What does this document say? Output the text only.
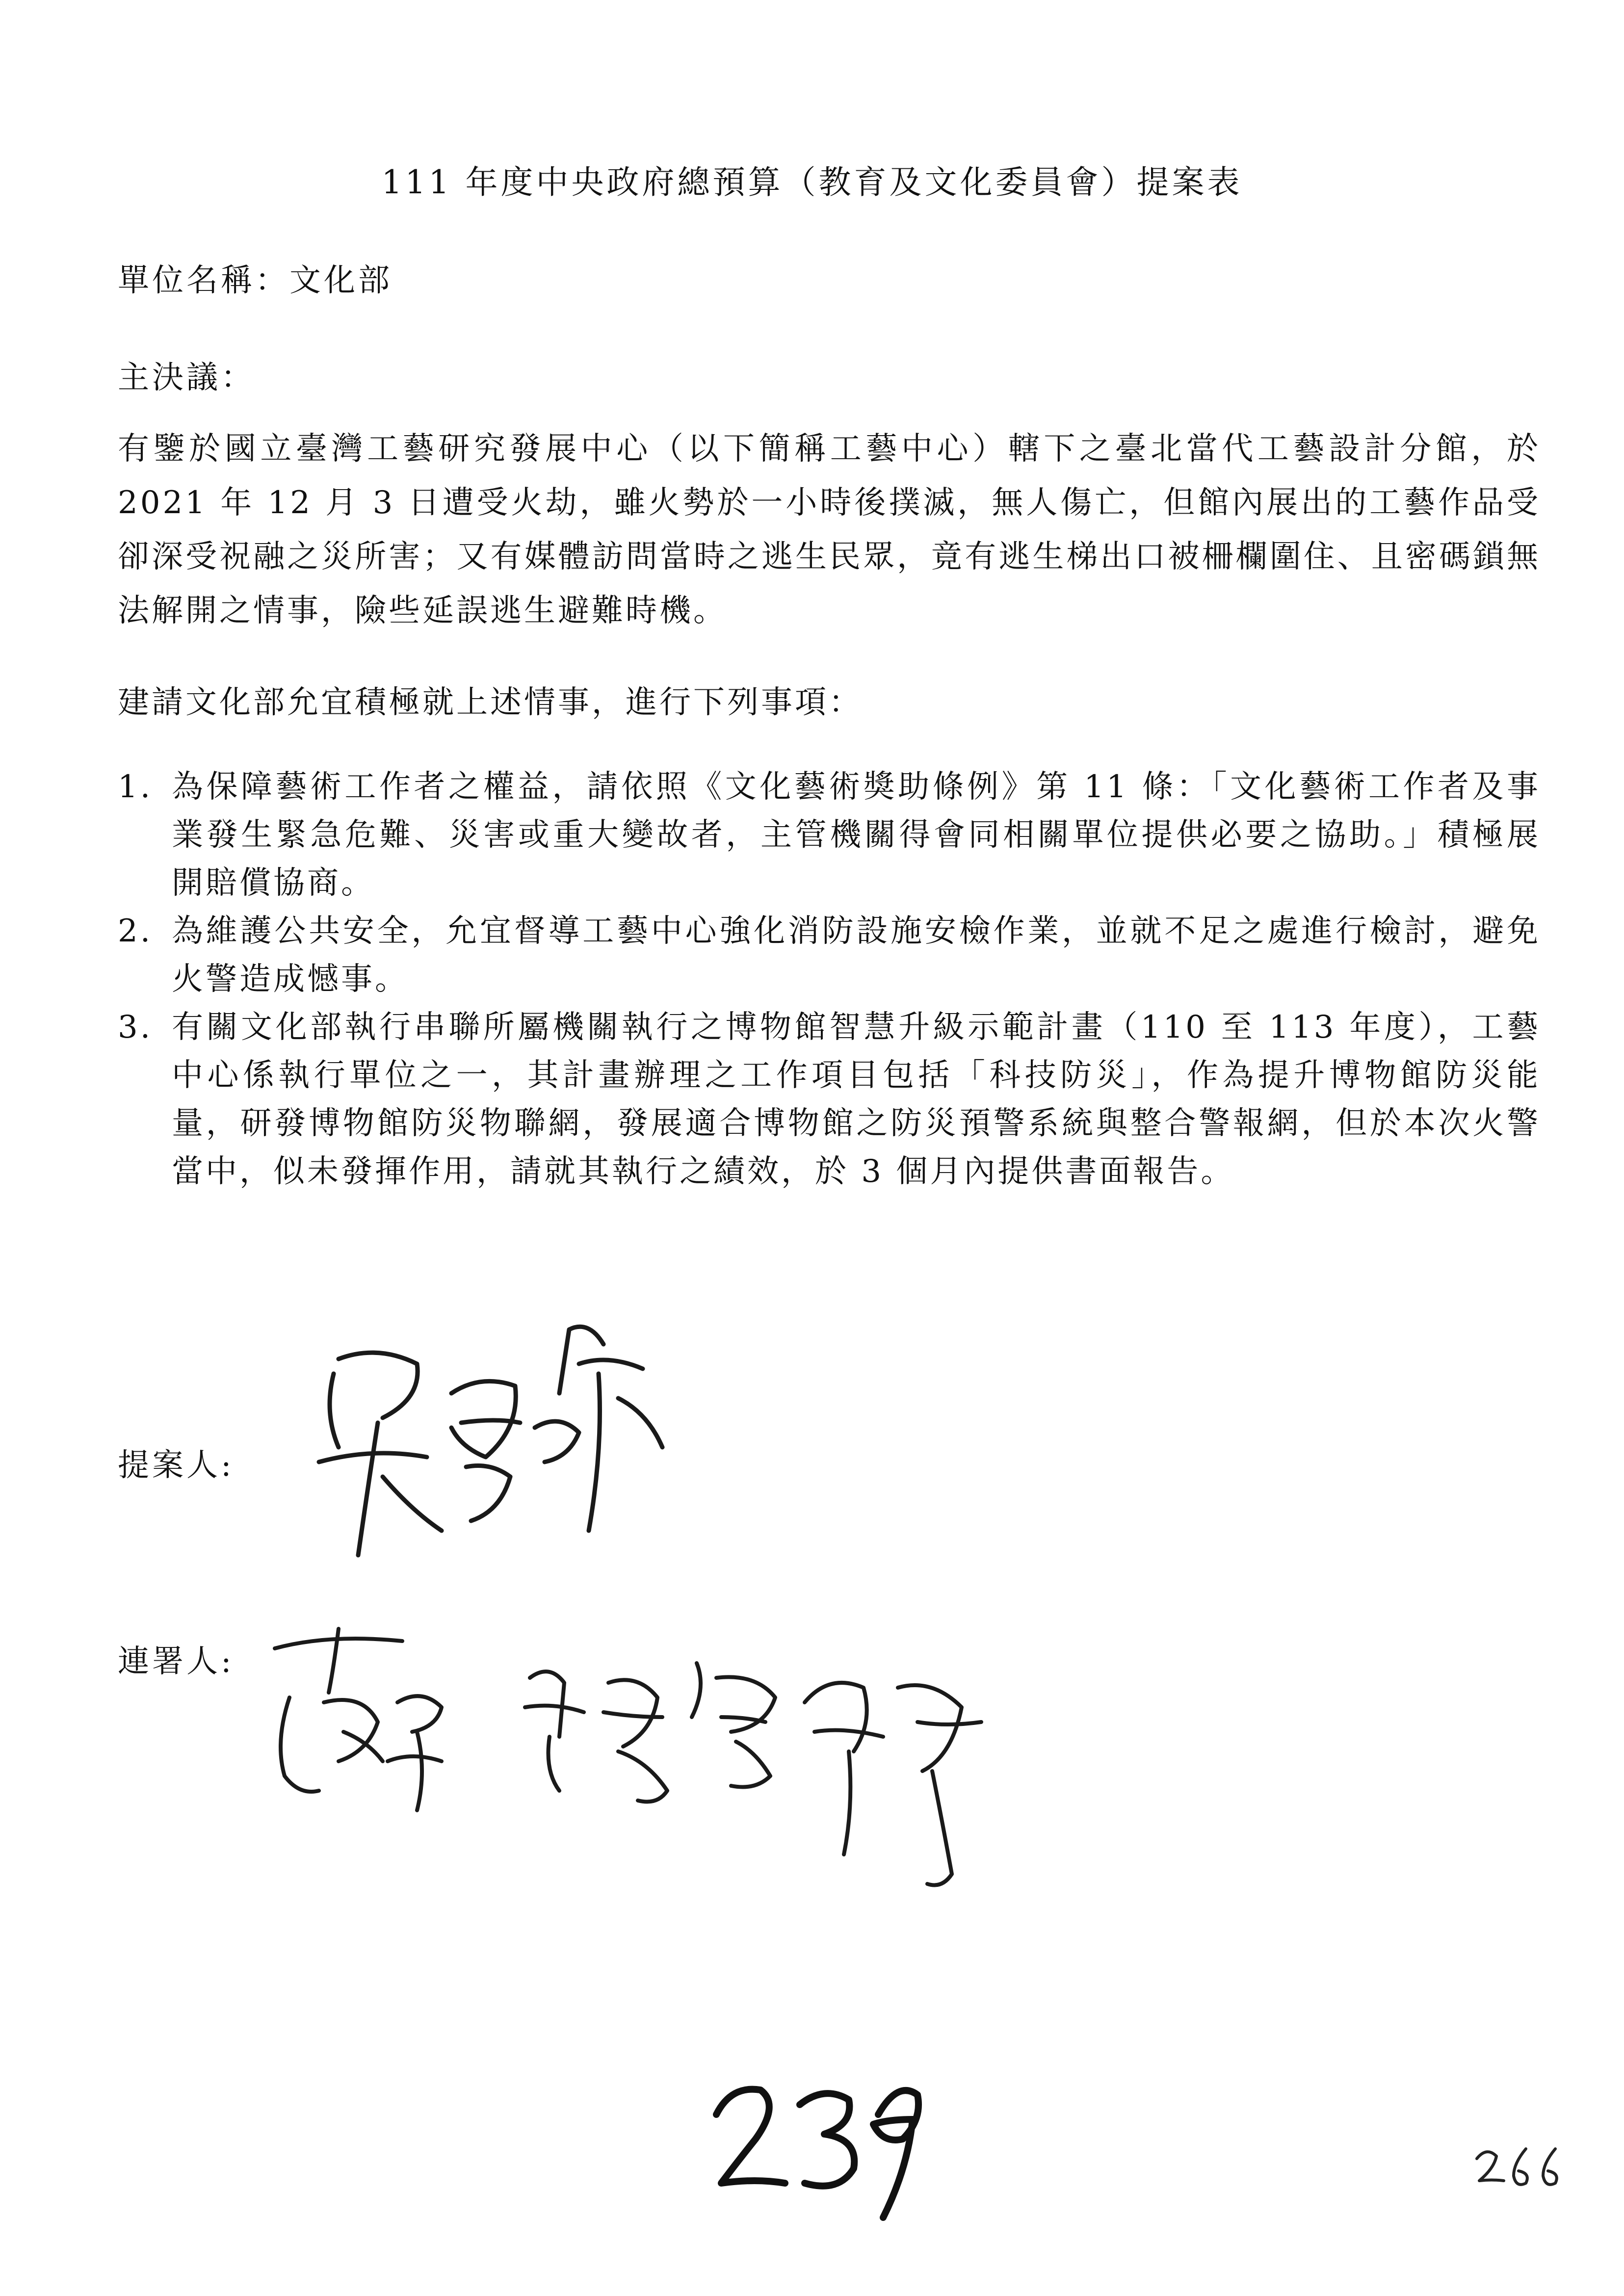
111 年度中央政府總預算（教育及文化委員會）提案表
單位名稱：文化部
主決議：
有鑒於國立臺灣工藝研究發展中心（以下簡稱工藝中心）轄下之臺北當代工藝設計分館，於 2021 年 12 月 3 日遭受火劫，雖火勢於一小時後撲滅，無人傷亡，但館內展出的工藝作品受卻深受祝融之災所害；又有媒體訪問當時之逃生民眾，竟有逃生梯出口被柵欄圍住、且密碼鎖無法解開之情事，險些延誤逃生避難時機。
建請文化部允宜積極就上述情事，進行下列事項：
1. 為保障藝術工作者之權益，請依照《文化藝術獎助條例》第 11 條：「文化藝術工作者及事業發生緊急危難、災害或重大變故者，主管機關得會同相關單位提供必要之協助。」積極展開賠償協商。
2. 為維護公共安全，允宜督導工藝中心強化消防設施安檢作業，並就不足之處進行檢討，避免火警造成憾事。
3. 有關文化部執行串聯所屬機關執行之博物館智慧升級示範計畫（110 至 113 年度），工藝中心係執行單位之一，其計畫辦理之工作項目包括「科技防災」，作為提升博物館防災能量，研發博物館防災物聯網，發展適合博物館之防災預警系統與整合警報網，但於本次火警當中，似未發揮作用，請就其執行之績效，於 3 個月內提供書面報告。
提案人:
連署人:
